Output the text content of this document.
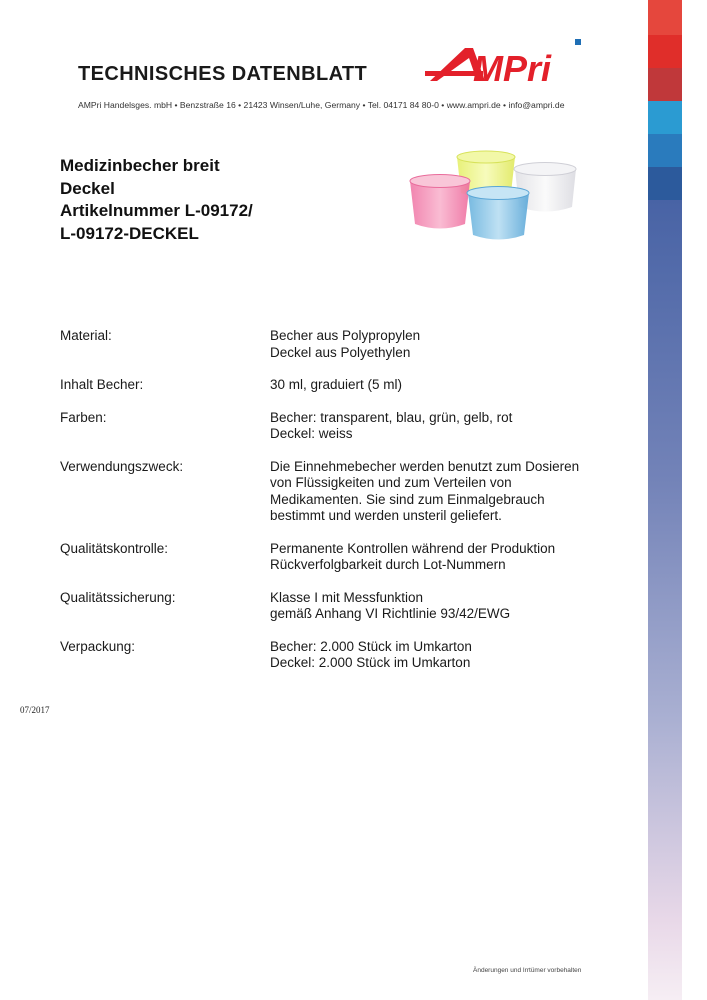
TECHNISCHES DATENBLATT	MPri
AMPri Handelsges. mbH • Benzstraße 16 • 21423 Winsen/Luhe, Germany • Tel. 04171 84 80-0 • www.ampri.de • info@ampri.de
Medizinbecher breit
Deckel
Artikelnummer L-09172/
L-09172-DECKEL
Material:	Becher aus Polypropylen
Deckel aus Polyethylen
Inhalt Becher:	30 ml, graduiert (5 ml)
Farben:	Becher: transparent, blau, grün, gelb, rot
Deckel: weiss
Verwendungszweck:	Die Einnehmebecher werden benutzt zum Dosieren
von Flüssigkeiten und zum Verteilen von
Medikamenten. Sie sind zum Einmalgebrauch
bestimmt und werden unsteril geliefert.
Qualitätskontrolle:	Permanente Kontrollen während der Produktion
Rückverfolgbarkeit durch Lot-Nummern
Qualitätssicherung:	Klasse I mit Messfunktion
gemäß Anhang VI Richtlinie 93/42/EWG
Verpackung:	Becher: 2.000 Stück im Umkarton
Deckel: 2.000 Stück im Umkarton
07/2017
Änderungen und Irrtümer vorbehalten
